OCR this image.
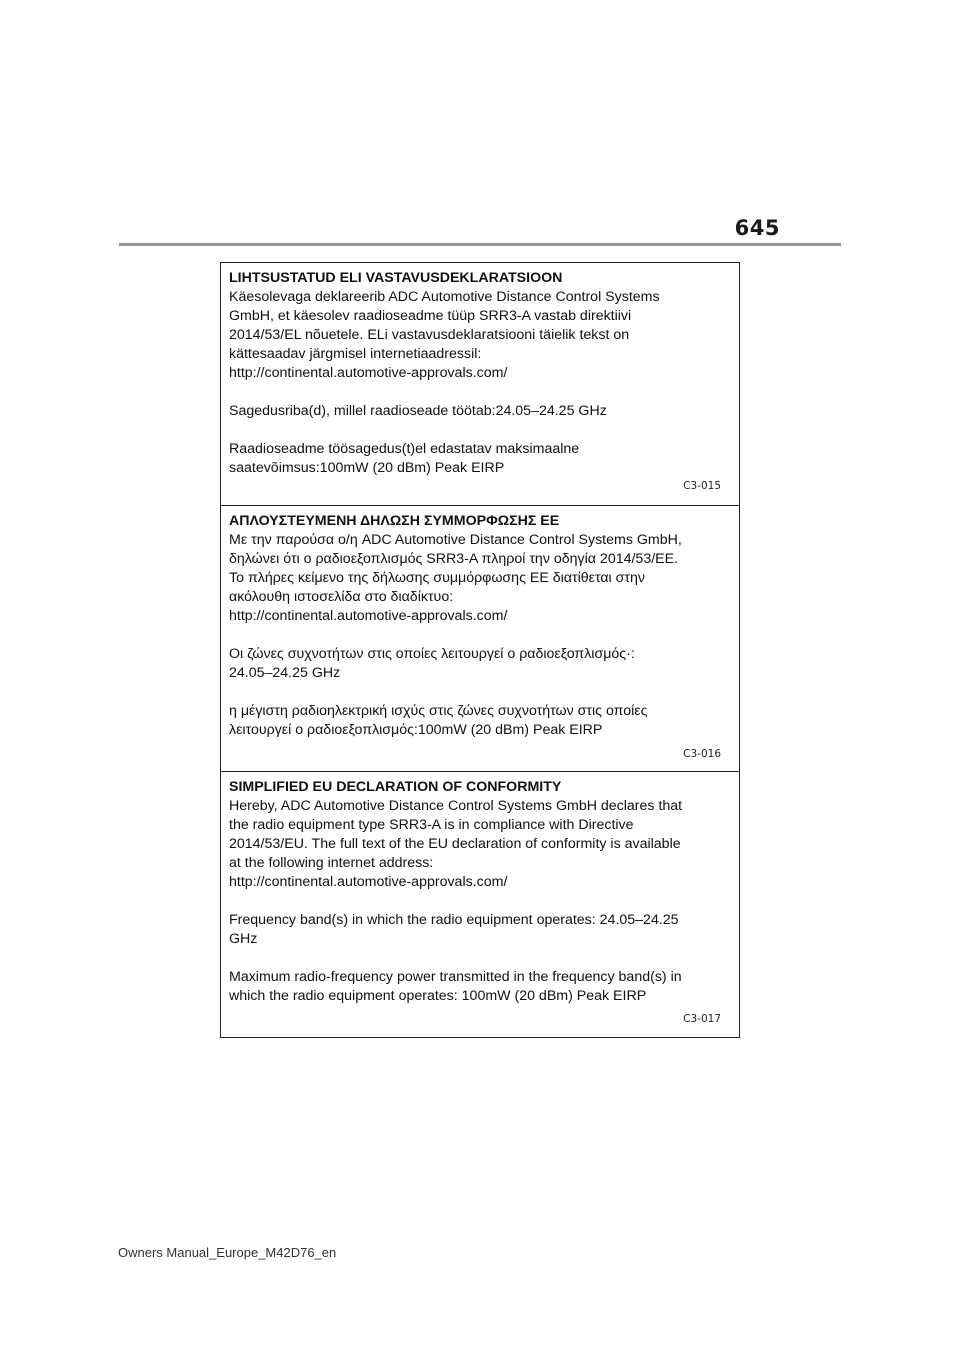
645

LIHTSUSTATUD ELI VASTAVUSDEKLARATSIOON

Käesolevaga deklareerib ADC Automotive Distance Control Systems
GmbH, et käesolev raadioseadme tüüp SRR3-A vastab direktiivi
2014/53/EL nõuetele. ELi vastavusdeklaratsiooni täielik tekst on
kättesaadav järgmisel internetiaadressil:
http://continental.automotive-approvals.com/

Sagedusriba(d), millel raadioseade töötab:24.05–24.25 GHz

Raadioseadme töösagedus(t)el edastatav maksimaalne
saatevõimsus:100mW (20 dBm) Peak EIRP

C3-015

ΑΠΛΟΥΣΤΕΥΜΕΝΗ ΔΗΛΩΣΗ ΣΥΜΜΟΡΦΩΣΗΣ ΕΕ

Με την παρούσα ο/η ADC Automotive Distance Control Systems GmbH,
δηλώνει ότι ο ραδιοεξοπλισμός SRR3-A πληροί την οδηγία 2014/53/ΕΕ.
Το πλήρες κείμενο της δήλωσης συμμόρφωσης ΕΕ διατίθεται στην
ακόλουθη ιστοσελίδα στο διαδίκτυο:
http://continental.automotive-approvals.com/

Οι ζώνες συχνοτήτων στις οποίες λειτουργεί ο ραδιοεξοπλισμός·:
24.05–24.25 GHz

η μέγιστη ραδιοηλεκτρική ισχύς στις ζώνες συχνοτήτων στις οποίες
λειτουργεί ο ραδιοεξοπλισμός:100mW (20 dBm) Peak EIRP

C3-016

SIMPLIFIED EU DECLARATION OF CONFORMITY

Hereby, ADC Automotive Distance Control Systems GmbH declares that
the radio equipment type SRR3-A is in compliance with Directive
2014/53/EU. The full text of the EU declaration of conformity is available
at the following internet address:
http://continental.automotive-approvals.com/

Frequency band(s) in which the radio equipment operates: 24.05–24.25
GHz

Maximum radio-frequency power transmitted in the frequency band(s) in
which the radio equipment operates: 100mW (20 dBm) Peak EIRP

C3-017
Owners Manual_Europe_M42D76_en
